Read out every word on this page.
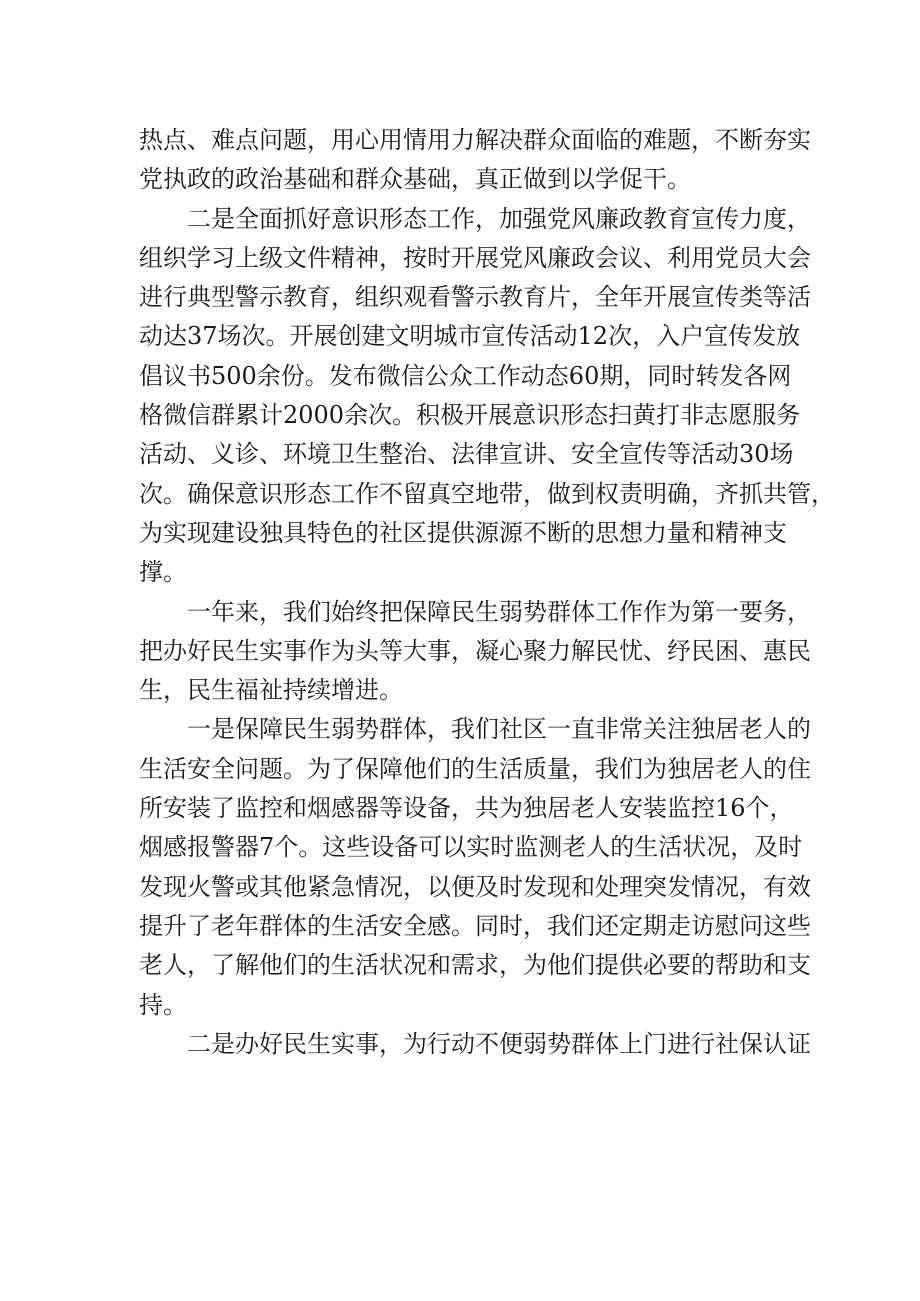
热点、难点问题，用心用情用力解决群众面临的难题，不断夯实
党执政的政治基础和群众基础，真正做到以学促干。
二是全面抓好意识形态工作，加强党风廉政教育宣传力度，
组织学习上级文件精神，按时开展党风廉政会议、利用党员大会
进行典型警示教育，组织观看警示教育片，全年开展宣传类等活
动达37场次。开展创建文明城市宣传活动12次，入户宣传发放
倡议书500余份。发布微信公众工作动态60期，同时转发各网
格微信群累计2000余次。积极开展意识形态扫黄打非志愿服务
活动、义诊、环境卫生整治、法律宣讲、安全宣传等活动30场
次。确保意识形态工作不留真空地带，做到权责明确，齐抓共管，
为实现建设独具特色的社区提供源源不断的思想力量和精神支
撑。
一年来，我们始终把保障民生弱势群体工作作为第一要务，
把办好民生实事作为头等大事，凝心聚力解民忧、纾民困、惠民
生，民生福祉持续增进。
一是保障民生弱势群体，我们社区一直非常关注独居老人的
生活安全问题。为了保障他们的生活质量，我们为独居老人的住
所安装了监控和烟感器等设备，共为独居老人安装监控16个，
烟感报警器7个。这些设备可以实时监测老人的生活状况，及时
发现火警或其他紧急情况，以便及时发现和处理突发情况，有效
提升了老年群体的生活安全感。同时，我们还定期走访慰问这些
老人，了解他们的生活状况和需求，为他们提供必要的帮助和支
持。
二是办好民生实事，为行动不便弱势群体上门进行社保认证
